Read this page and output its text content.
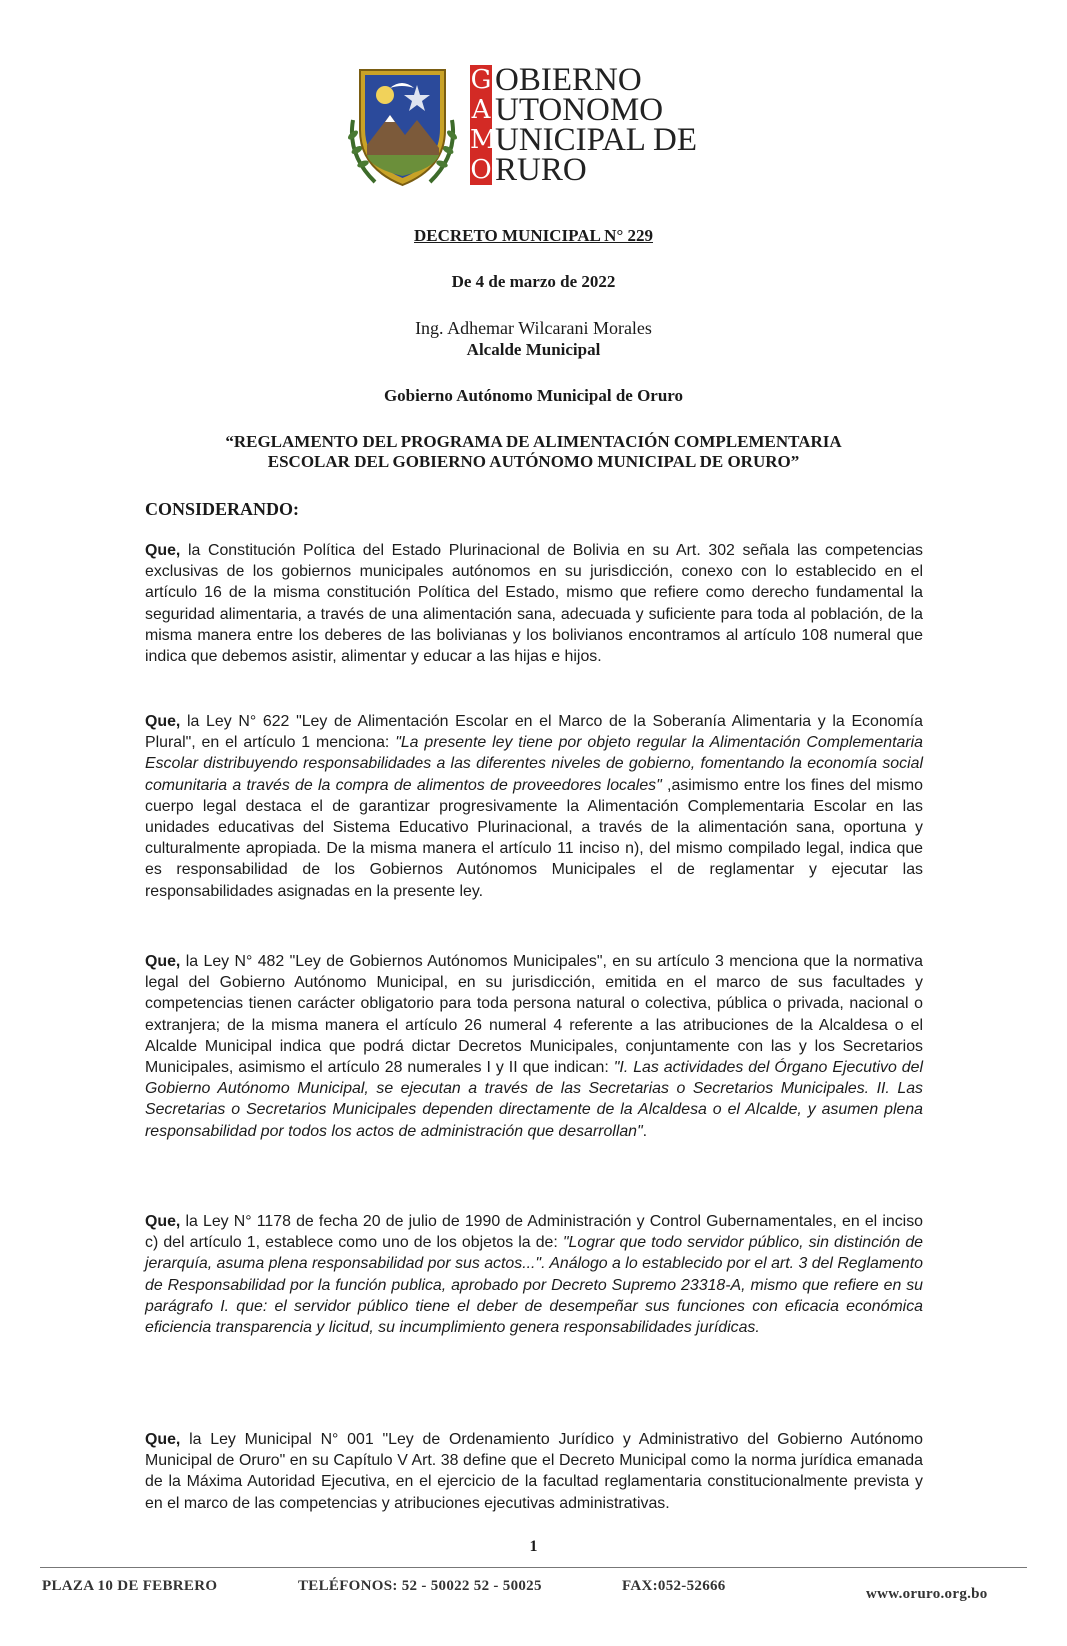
G
A
M
O
OBIERNO
UTONOMO
UNICIPAL DE
RURO
DECRETO MUNICIPAL N° 229
De 4 de marzo de 2022
Ing. Adhemar Wilcarani Morales
Alcalde Municipal
Gobierno Autónomo Municipal de Oruro
“REGLAMENTO DEL PROGRAMA DE ALIMENTACIÓN COMPLEMENTARIA
ESCOLAR DEL GOBIERNO AUTÓNOMO MUNICIPAL DE ORURO”
CONSIDERANDO:
Que, la Constitución Política del Estado Plurinacional de Bolivia en su Art. 302 señala las competencias exclusivas de los gobiernos municipales autónomos en su jurisdicción, conexo con lo establecido en el artículo 16 de la misma constitución Política del Estado, mismo que refiere como derecho fundamental la seguridad alimentaria, a través de una alimentación sana, adecuada y suficiente para toda al población, de la misma manera entre los deberes de las bolivianas y los bolivianos encontramos al artículo 108 numeral que indica que debemos asistir, alimentar y educar a las hijas e hijos.
Que, la Ley N° 622 "Ley de Alimentación Escolar en el Marco de la Soberanía Alimentaria y la Economía Plural", en el artículo 1 menciona: "La presente ley tiene por objeto regular la Alimentación Complementaria Escolar distribuyendo responsabilidades a las diferentes niveles de gobierno, fomentando la economía social comunitaria a través de la compra de alimentos de proveedores locales" ,asimismo entre los fines del mismo cuerpo legal destaca el de garantizar progresivamente la Alimentación Complementaria Escolar en las unidades educativas del Sistema Educativo Plurinacional, a través de la alimentación sana, oportuna y culturalmente apropiada. De la misma manera el artículo 11 inciso n), del mismo compilado legal, indica que es responsabilidad de los Gobiernos Autónomos Municipales el de reglamentar y ejecutar las responsabilidades asignadas en la presente ley.
Que, la Ley N° 482 "Ley de Gobiernos Autónomos Municipales", en su artículo 3 menciona que la normativa legal del Gobierno Autónomo Municipal, en su jurisdicción, emitida en el marco de sus facultades y competencias tienen carácter obligatorio para toda persona natural o colectiva, pública o privada, nacional o extranjera; de la misma manera el artículo 26 numeral 4 referente a las atribuciones de la Alcaldesa o el Alcalde Municipal indica que podrá dictar Decretos Municipales, conjuntamente con las y los Secretarios Municipales, asimismo el artículo 28 numerales I y II que indican: "I. Las actividades del Órgano Ejecutivo del Gobierno Autónomo Municipal, se ejecutan a través de las Secretarias o Secretarios Municipales. II. Las Secretarias o Secretarios Municipales dependen directamente de la Alcaldesa o el Alcalde, y asumen plena responsabilidad por todos los actos de administración que desarrollan".
Que, la Ley N° 1178 de fecha 20 de julio de 1990 de Administración y Control Gubernamentales, en el inciso c) del artículo 1, establece como uno de los objetos la de: "Lograr que todo servidor público, sin distinción de jerarquía, asuma plena responsabilidad por sus actos...". Análogo a lo establecido por el art. 3 del Reglamento de Responsabilidad por la función publica, aprobado por Decreto Supremo 23318-A, mismo que refiere en su parágrafo I. que: el servidor público tiene el deber de desempeñar sus funciones con eficacia económica eficiencia transparencia y licitud, su incumplimiento genera responsabilidades jurídicas.
Que, la Ley Municipal N° 001 "Ley de Ordenamiento Jurídico y Administrativo del Gobierno Autónomo Municipal de Oruro" en su Capítulo V Art. 38 define que el Decreto Municipal como la norma jurídica emanada de la Máxima Autoridad Ejecutiva, en el ejercicio de la facultad reglamentaria constitucionalmente prevista y en el marco de las competencias y atribuciones ejecutivas administrativas.
1
PLAZA 10 DE FEBRERO	TELÉFONOS: 52 - 50022 52 - 50025	FAX:052-52666	www.oruro.org.bo
